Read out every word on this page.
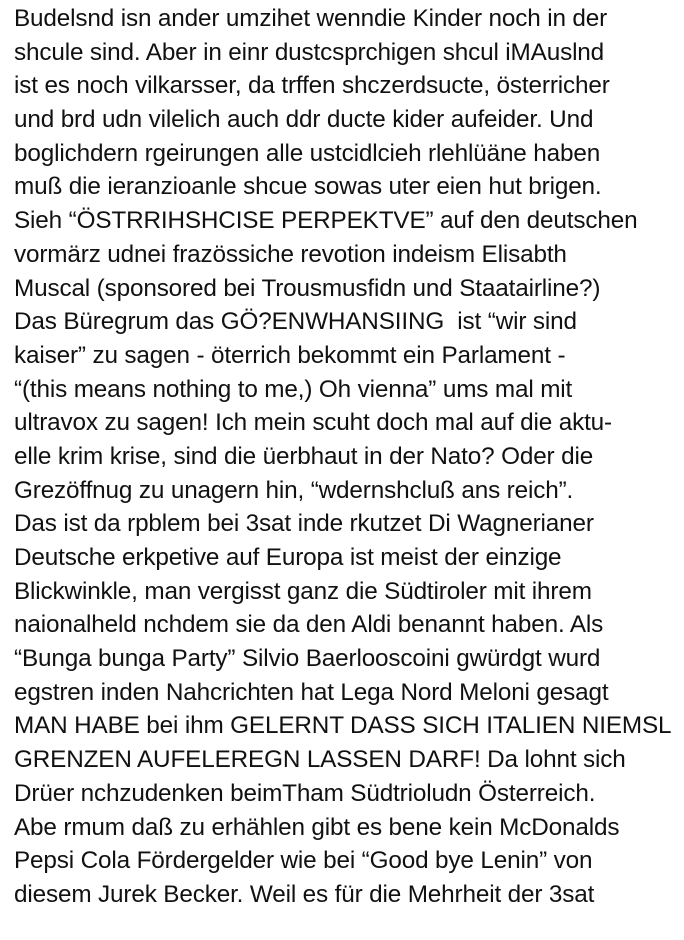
Budelsnd isn ander umzihet wenndie Kinder noch in der
shcule sind. Aber in einr dustcsprchigen shcul iMAuslnd
ist es noch vilkarsser, da trffen shczerdsucte, österricher
und brd udn vilelich auch ddr ducte kider aufeider. Und
boglichdern rgeirungen alle ustcidlcieh rlehlüäne haben
muß die ieranzioanle shcue sowas uter eien hut brigen.
Sieh “ÖSTRRIHSHCISE PERPEKTVE” auf den deutschen
vormärz udnei frazössiche revotion indeism Elisabth
Muscal (sponsored bei Trousmusfidn und Staatairline?)
Das Büregrum das GÖ?ENWHANSIING  ist “wir sind
kaiser” zu sagen - öterrich bekommt ein Parlament -
“(this means nothing to me,) Oh vienna” ums mal mit
ultravox zu sagen! Ich mein scuht doch mal auf die aktu-
elle krim krise, sind die üerbhaut in der Nato? Oder die
Grezöffnug zu unagern hin, “wdernshcluß ans reich”.
Das ist da rpblem bei 3sat inde rkutzet Di Wagnerianer
Deutsche erkpetive auf Europa ist meist der einzige
Blickwinkle, man vergisst ganz die Südtiroler mit ihrem
naionalheld nchdem sie da den Aldi benannt haben. Als
“Bunga bunga Party” Silvio Baerlooscoini gwürdgt wurd
egstren inden Nahcrichten hat Lega Nord Meloni gesagt
MAN HABE bei ihm GELERNT DASS SICH ITALIEN NIEMSL
GRENZEN AUFELEREGN LASSEN DARF! Da lohnt sich
Drüer nchzudenken beimTham Südtrioludn Österreich.
Abe rmum daß zu erhählen gibt es bene kein McDonalds
Pepsi Cola Fördergelder wie bei “Good bye Lenin” von
diesem Jurek Becker. Weil es für die Mehrheit der 3sat
